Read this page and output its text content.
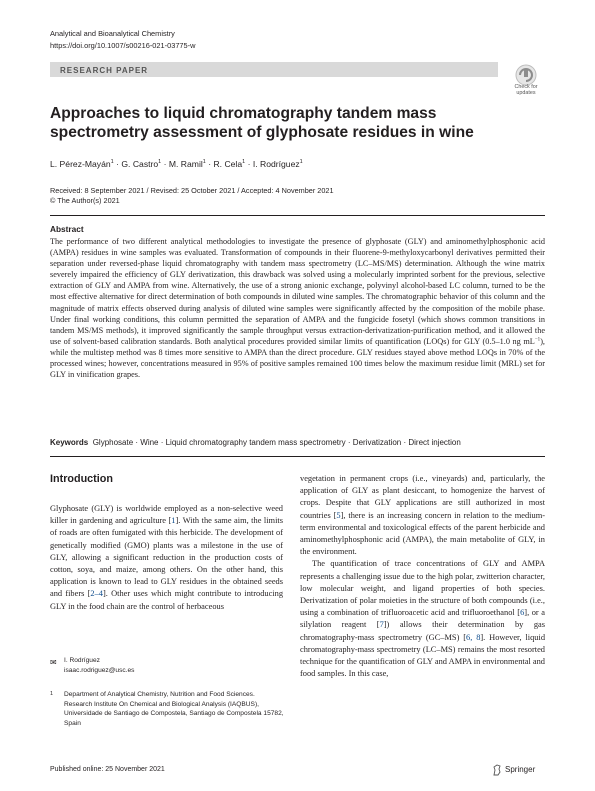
Analytical and Bioanalytical Chemistry
https://doi.org/10.1007/s00216-021-03775-w
RESEARCH PAPER
Check for
updates
Approaches to liquid chromatography tandem mass spectrometry assessment of glyphosate residues in wine
L. Pérez-Mayán$^1$ · G. Castro$^1$ · M. Ramil$^1$ · R. Cela$^1$ · I. Rodríguez$^1$
Received: 8 September 2021 / Revised: 25 October 2021 / Accepted: 4 November 2021
© The Author(s) 2021
Abstract
The performance of two different analytical methodologies to investigate the presence of glyphosate (GLY) and aminomethylphosphonic acid (AMPA) residues in wine samples was evaluated. Transformation of compounds in their fluorene-9-methyloxycarbonyl derivatives permitted their separation under reversed-phase liquid chromatography with tandem mass spectrometry (LC–MS/MS) determination. Although the wine matrix severely impaired the efficiency of GLY derivatization, this drawback was solved using a molecularly imprinted sorbent for the previous, selective extraction of GLY and AMPA from wine. Alternatively, the use of a strong anionic exchange, polyvinyl alcohol-based LC column, turned to be the most effective alternative for direct determination of both compounds in diluted wine samples. The chromatographic behavior of this column and the magnitude of matrix effects observed during analysis of diluted wine samples were significantly affected by the composition of the mobile phase. Under final working conditions, this column permitted the separation of AMPA and the fungicide fosetyl (which shows common transitions in tandem MS/MS methods), it improved significantly the sample throughput versus extraction-derivatization-purification method, and it allowed the use of solvent-based calibration standards. Both analytical procedures provided similar limits of quantification (LOQs) for GLY (0.5–1.0 ng $mL^{-1}$), while the multistep method was 8 times more sensitive to AMPA than the direct procedure. GLY residues stayed above method LOQs in 70% of the processed wines; however, concentrations measured in 95% of positive samples remained 100 times below the maximum residue limit (MRL) set for GLY in vinification grapes.
Keywords Glyphosate · Wine · Liquid chromatography tandem mass spectrometry · Derivatization · Direct injection
Introduction

Glyphosate (GLY) is worldwide employed as a non-selective weed killer in gardening and agriculture [1]. With the same aim, the limits of roads are often fumigated with this herbicide. The development of genetically modified (GMO) plants was a milestone in the use of GLY, allowing a significant reduction in the production costs of cotton, soya, and maize, among others. On the other hand, this application is known to lead to GLY residues in the obtained seeds and fibers [2–4]. Other uses which might contribute to introducing GLY in the food chain are the control of herbaceous

vegetation in permanent crops (i.e., vineyards) and, particularly, the application of GLY as plant desiccant, to homogenize the harvest of crops. Despite that GLY applications are still authorized in most countries [5], there is an increasing concern in relation to the medium-term environmental and toxicological effects of the parent herbicide and aminomethylphosphonic acid (AMPA), the main metabolite of GLY, in the environment.

The quantification of trace concentrations of GLY and AMPA represents a challenging issue due to the high polar, zwitterion character, low molecular weight, and ligand properties of both species. Derivatization of polar moieties in the structure of both compounds (i.e., using a combination of trifluoroacetic acid and trifluoroethanol [6], or a silylation reagent [7]) allows their determination by gas chromatography-mass spectrometry (GC–MS) [6, 8]. However, liquid chromatography-mass spectrometry (LC–MS) remains the most resorted technique for the quantification of GLY and AMPA in environmental and food samples. In this case,

✉ I. Rodríguez
isaac.rodriguez@usc.es
1 Department of Analytical Chemistry, Nutrition and Food Sciences. Research Institute On Chemical and Biological Analysis (IAQBUS), Universidade de Santiago de Compostela, Santiago de Compostela 15782, Spain
Published online: 25 November 2021	Springer
